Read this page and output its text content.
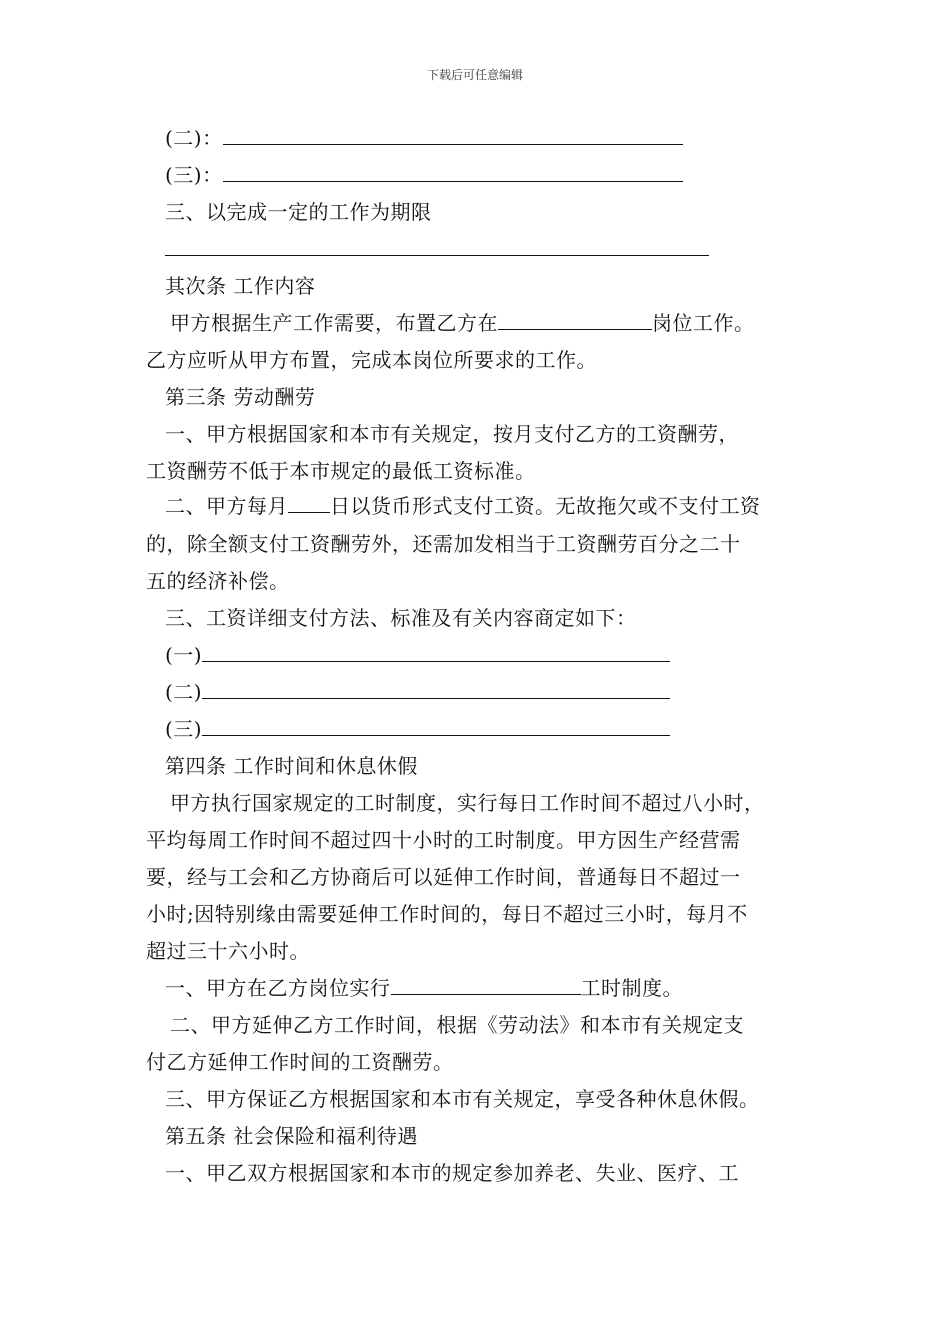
下载后可任意编辑
(二)：
(三)：
三、以完成一定的工作为期限
其次条 工作内容
甲方根据生产工作需要，布置乙方在	岗位工作。
乙方应听从甲方布置，完成本岗位所要求的工作。
第三条 劳动酬劳
一、甲方根据国家和本市有关规定，按月支付乙方的工资酬劳，
工资酬劳不低于本市规定的最低工资标准。
二、甲方每月 日以货币形式支付工资。无故拖欠或不支付工资
的，除全额支付工资酬劳外，还需加发相当于工资酬劳百分之二十
五的经济补偿。
三、工资详细支付方法、标准及有关内容商定如下：
(一)
(二)
(三)
第四条 工作时间和休息休假
甲方执行国家规定的工时制度，实行每日工作时间不超过八小时，
平均每周工作时间不超过四十小时的工时制度。甲方因生产经营需
要，经与工会和乙方协商后可以延伸工作时间，普通每日不超过一
小时;因特别缘由需要延伸工作时间的，每日不超过三小时，每月不
超过三十六小时。
一、甲方在乙方岗位实行	工时制度。
二、甲方延伸乙方工作时间，根据《劳动法》和本市有关规定支
付乙方延伸工作时间的工资酬劳。
三、甲方保证乙方根据国家和本市有关规定，享受各种休息休假。
第五条 社会保险和福利待遇
一、甲乙双方根据国家和本市的规定参加养老、失业、医疗、工
